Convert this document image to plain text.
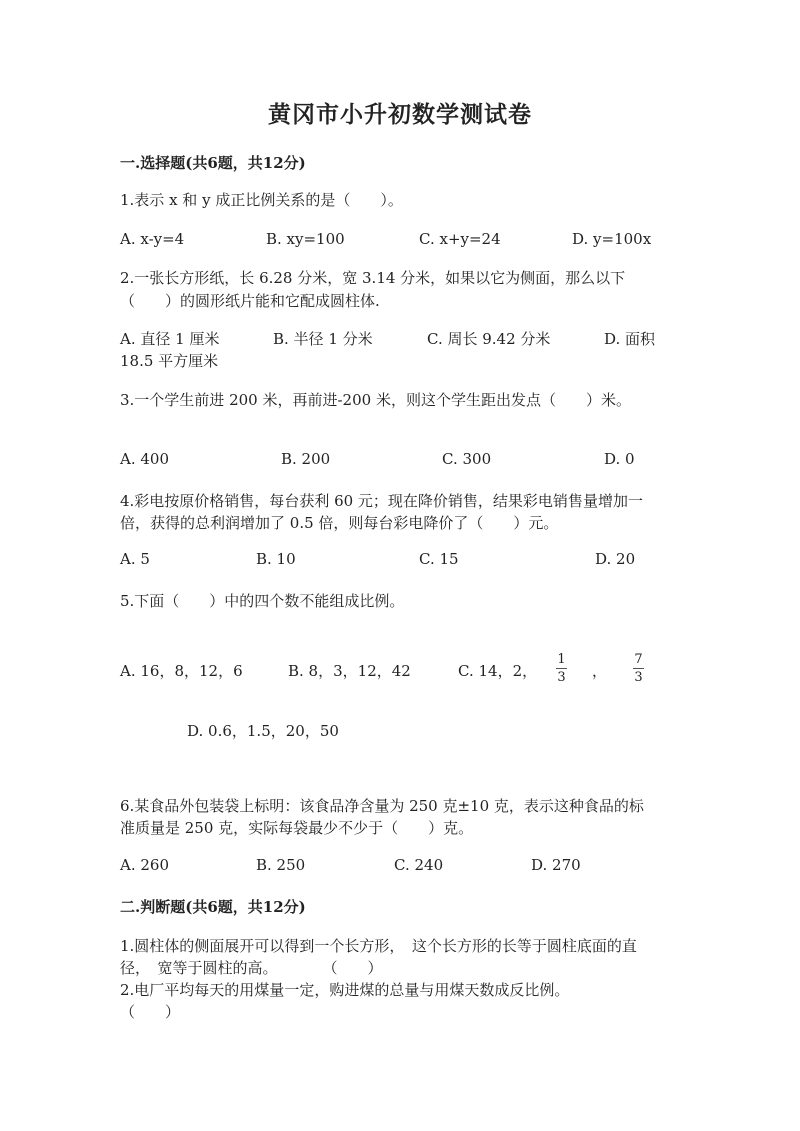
黄冈市小升初数学测试卷
一.选择题(共6题，共12分)
1.表示 x 和 y 成正比例关系的是（　　）。
A. x-y=4	B. xy=100	C. x+y=24	D. y=100x
2.一张长方形纸，长 6.28 分米，宽 3.14 分米，如果以它为侧面，那么以下
（　　）的圆形纸片能和它配成圆柱体.
A. 直径 1 厘米	B. 半径 1 分米	C. 周长 9.42 分米	D. 面积
18.5 平方厘米
3.一个学生前进 200 米，再前进-200 米，则这个学生距出发点（　　）米。
A. 400	B. 200	C. 300	D. 0
4.彩电按原价格销售，每台获利 60 元；现在降价销售，结果彩电销售量增加一
倍，获得的总利润增加了 0.5 倍，则每台彩电降价了（　　）元。
A. 5	B. 10	C. 15	D. 20
5.下面（　　）中的四个数不能组成比例。
A. 16，8，12，6	B. 8，3，12，42	C. 14，2，
1
3 ，
7
3
D. 0.6，1.5，20，50
6.某食品外包装袋上标明：该食品净含量为 250 克±10 克，表示这种食品的标
准质量是 250 克，实际每袋最少不少于（　　）克。
A. 260	B. 250	C. 240	D. 270
二.判断题(共6题，共12分)
1.圆柱体的侧面展开可以得到一个长方形，　这个长方形的长等于圆柱底面的直
径，　宽等于圆柱的高。　　　　（　　）
2.电厂平均每天的用煤量一定，购进煤的总量与用煤天数成反比例。
（　　）
